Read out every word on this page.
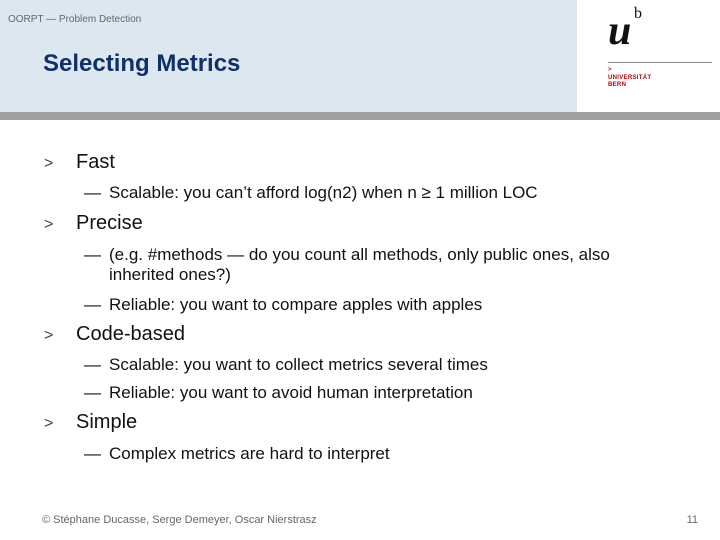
OORPT — Problem Detection
Selecting Metrics
u b
>
UNIVERSITÄT
BERN
> Fast
— Scalable: you can’t afford log(n2) when n ≥ 1 million LOC
> Precise
— (e.g. #methods — do you count all methods, only public ones, also inherited ones?)
— Reliable: you want to compare apples with apples
> Code-based
— Scalable: you want to collect metrics several times
— Reliable: you want to avoid human interpretation
> Simple
— Complex metrics are hard to interpret
© Stéphane Ducasse, Serge Demeyer, Oscar Nierstrasz	11
